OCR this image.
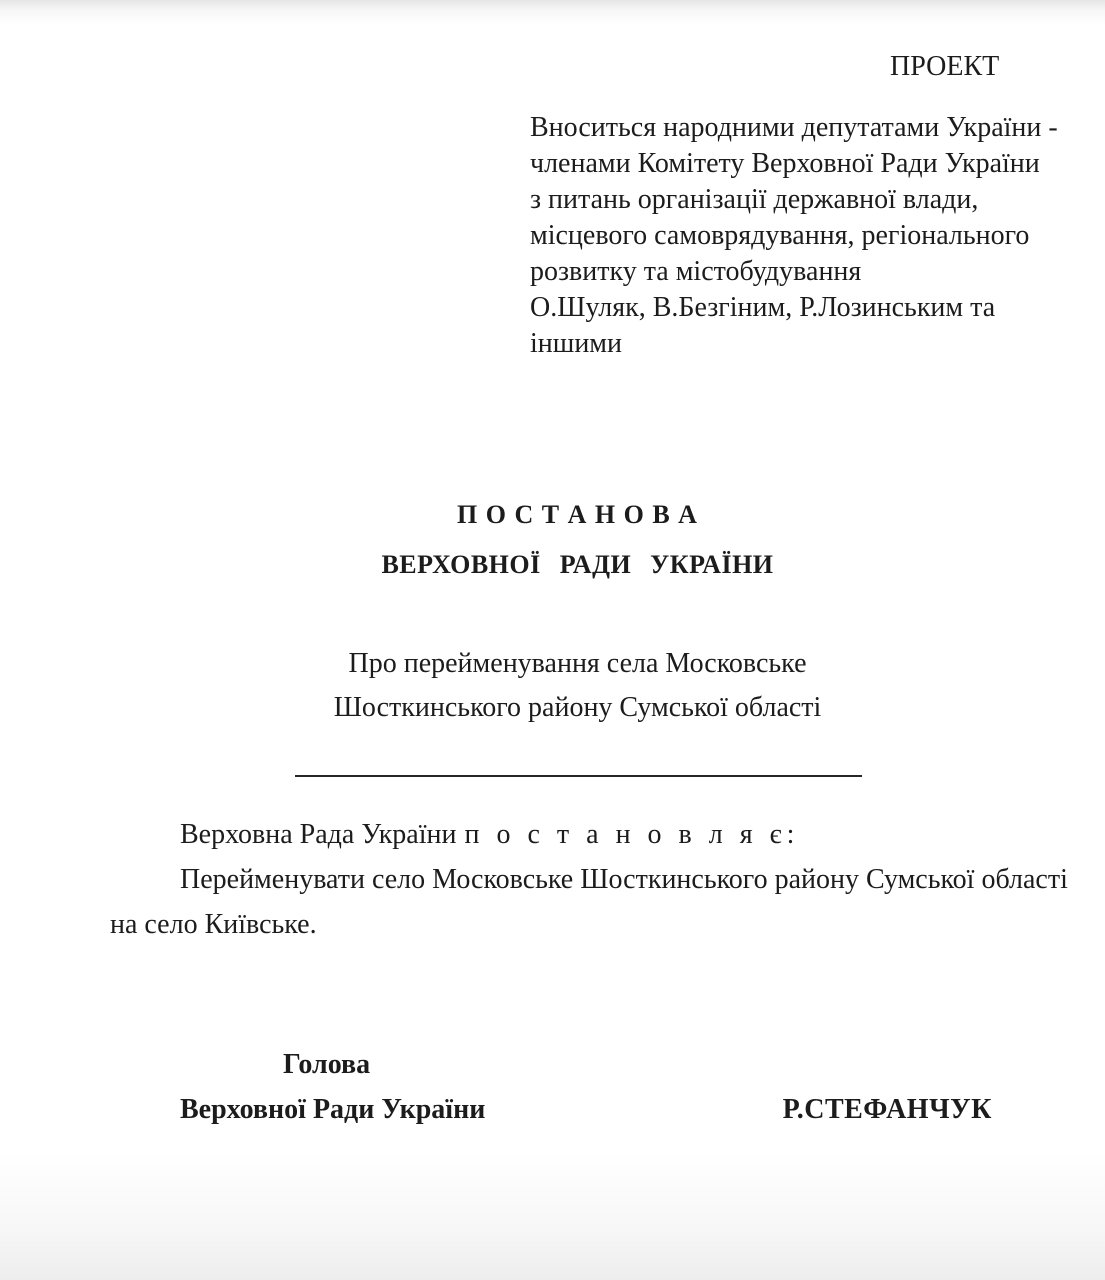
ПРОЕКТ
Вноситься народними депутатами України -
членами Комітету Верховної Ради України
з питань організації державної влади,
місцевого самоврядування, регіонального
розвитку та містобудування
О.Шуляк, В.Безгіним, Р.Лозинським та
іншими
П О С Т А Н О В А
ВЕРХОВНОЇ РАДИ УКРАЇНИ
Про перейменування села Московське
Шосткинського району Сумської області
Верховна Рада України п о с т а н о в л я є:
Перейменувати село Московське Шосткинського району Сумської області
на село Київське.
Голова
Верховної Ради України	Р.СТЕФАНЧУК
